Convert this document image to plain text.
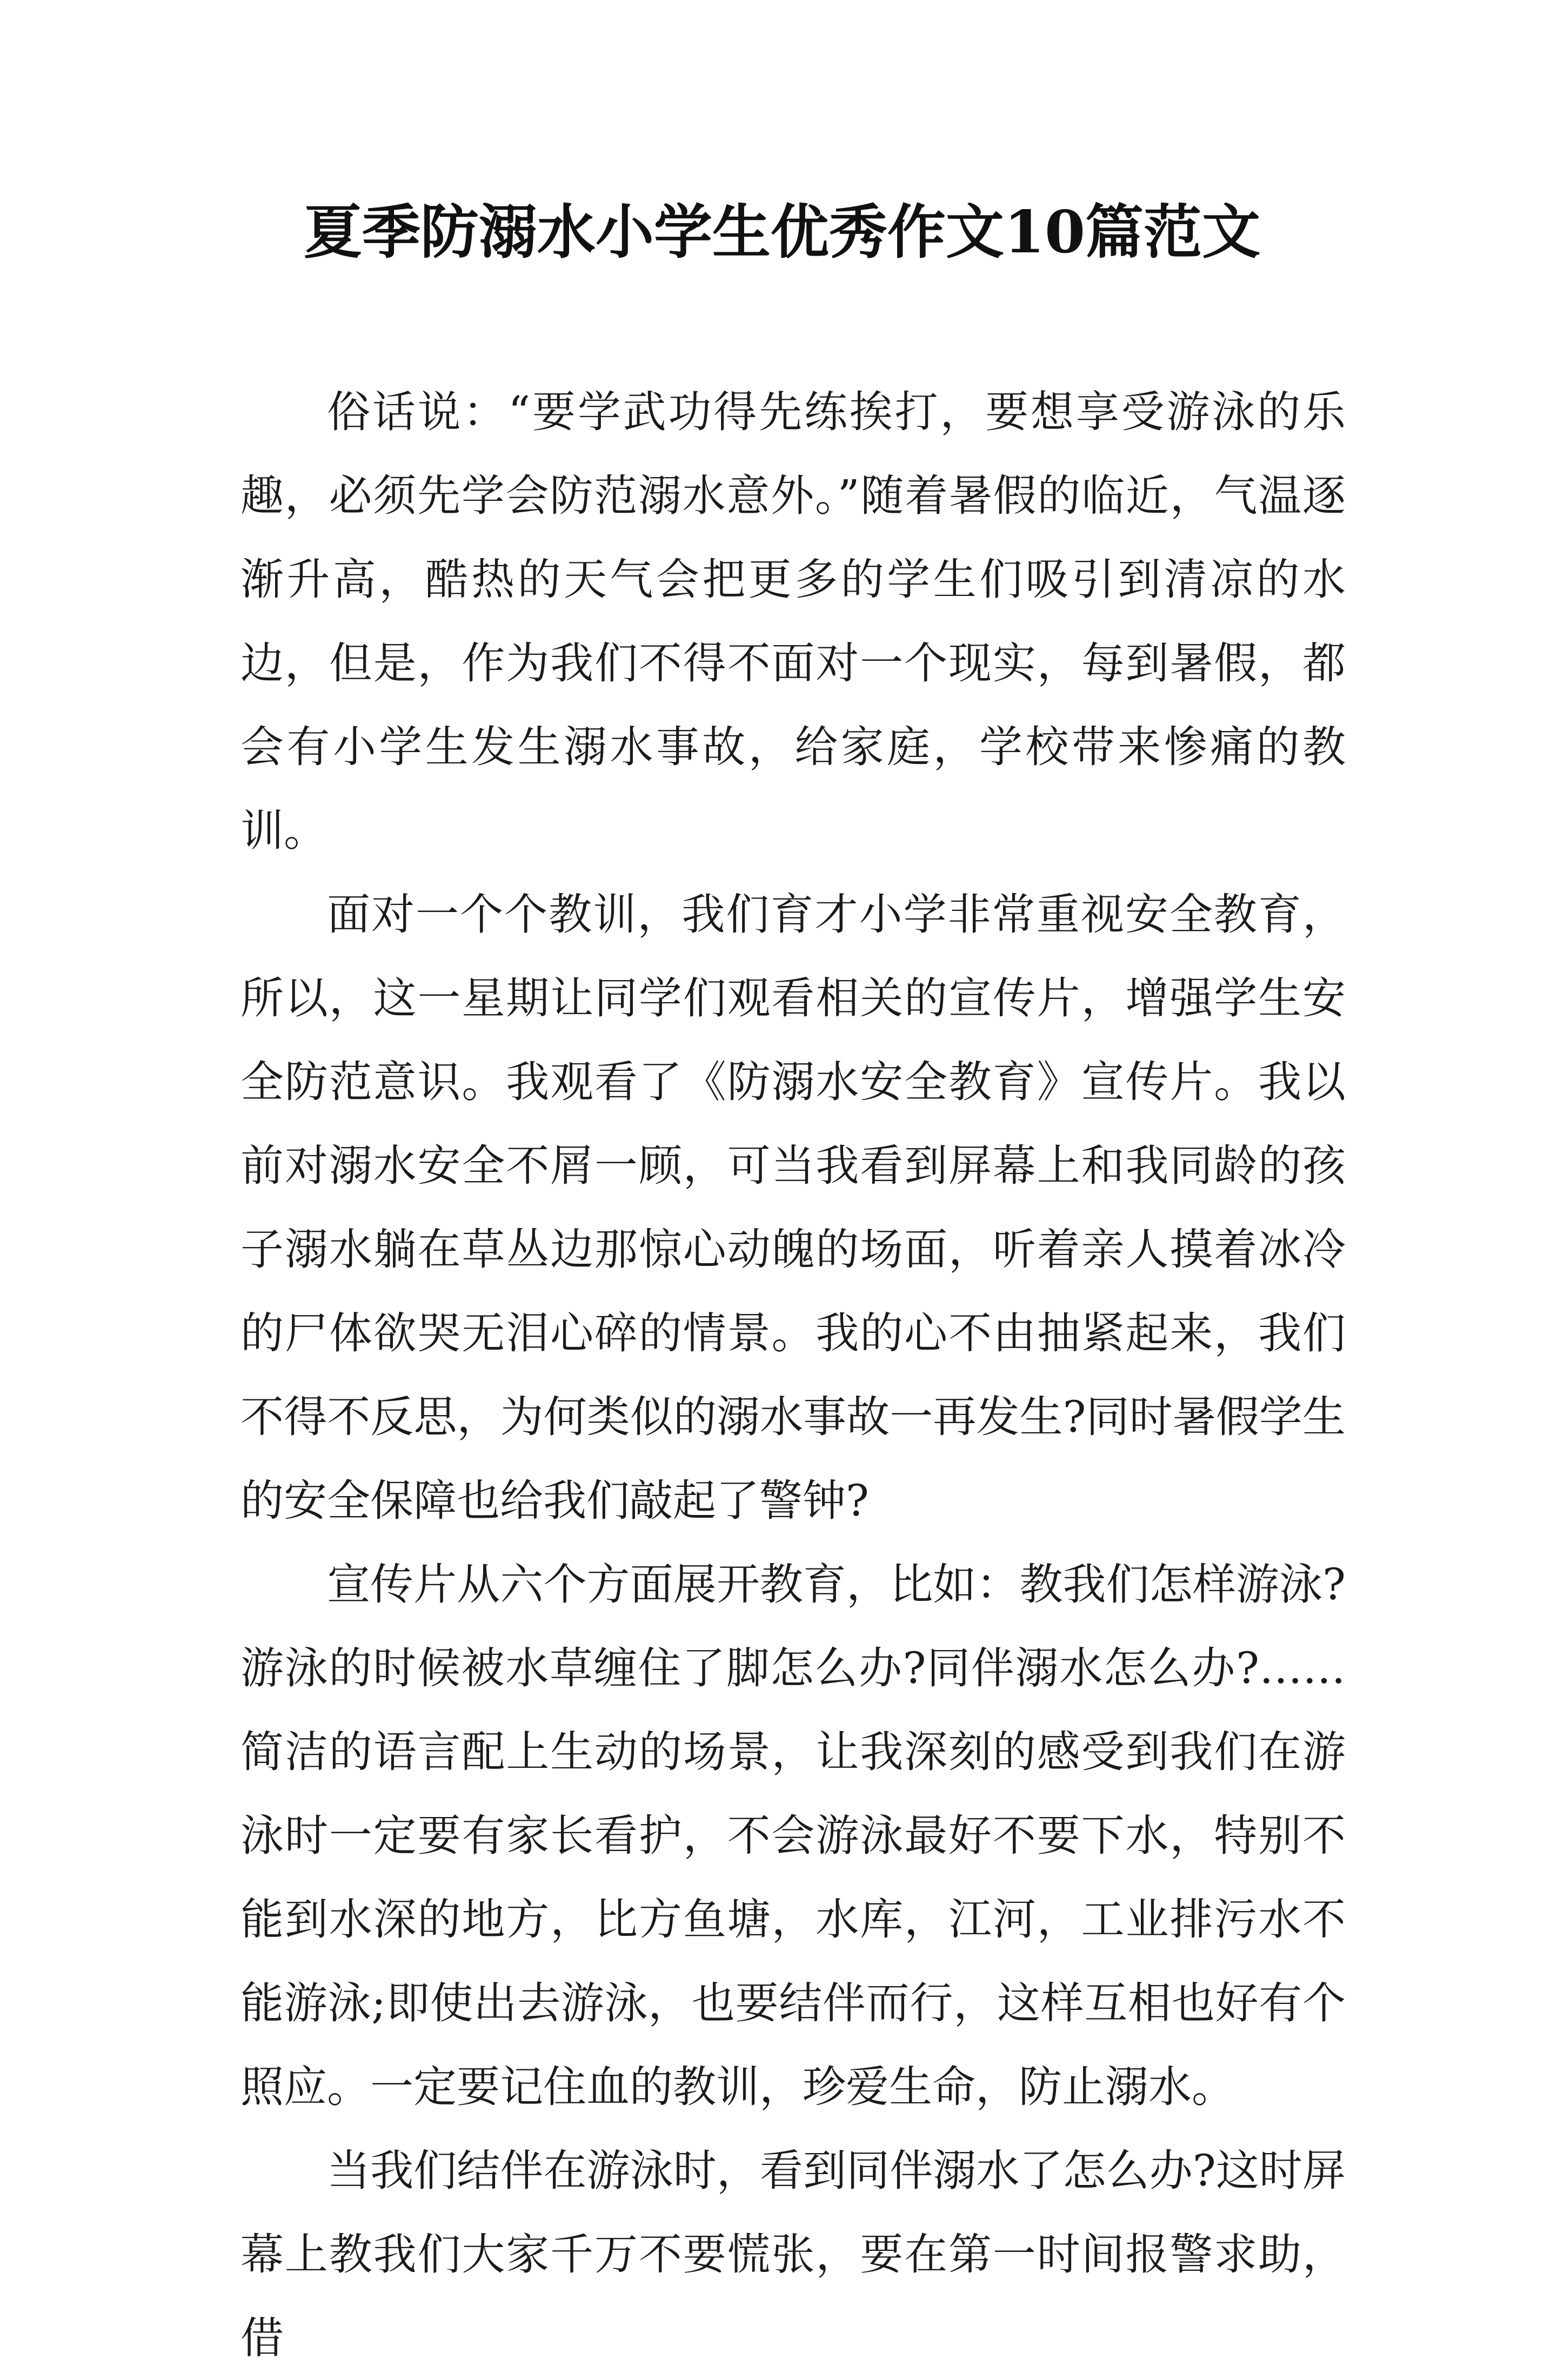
夏季防溺水小学生优秀作文10篇范文

俗话说：“要学武功得先练挨打，要想享受游泳的乐趣，必须先学会防范溺水意外。”随着暑假的临近，气温逐渐升高，酷热的天气会把更多的学生们吸引到清凉的水边，但是，作为我们不得不面对一个现实，每到暑假，都会有小学生发生溺水事故，给家庭，学校带来惨痛的教训。

面对一个个教训，我们育才小学非常重视安全教育，所以，这一星期让同学们观看相关的宣传片，增强学生安全防范意识。我观看了《防溺水安全教育》宣传片。我以前对溺水安全不屑一顾，可当我看到屏幕上和我同龄的孩子溺水躺在草丛边那惊心动魄的场面，听着亲人摸着冰冷的尸体欲哭无泪心碎的情景。我的心不由抽紧起来，我们不得不反思，为何类似的溺水事故一再发生?同时暑假学生的安全保障也给我们敲起了警钟?

宣传片从六个方面展开教育，比如：教我们怎样游泳?游泳的时候被水草缠住了脚怎么办?同伴溺水怎么办?……简洁的语言配上生动的场景，让我深刻的感受到我们在游泳时一定要有家长看护，不会游泳最好不要下水，特别不能到水深的地方，比方鱼塘，水库，江河，工业排污水不能游泳;即使出去游泳，也要结伴而行，这样互相也好有个照应。一定要记住血的教训，珍爱生命，防止溺水。

当我们结伴在游泳时，看到同伴溺水了怎么办?这时屏幕上教我们大家千万不要慌张，要在第一时间报警求助，借
